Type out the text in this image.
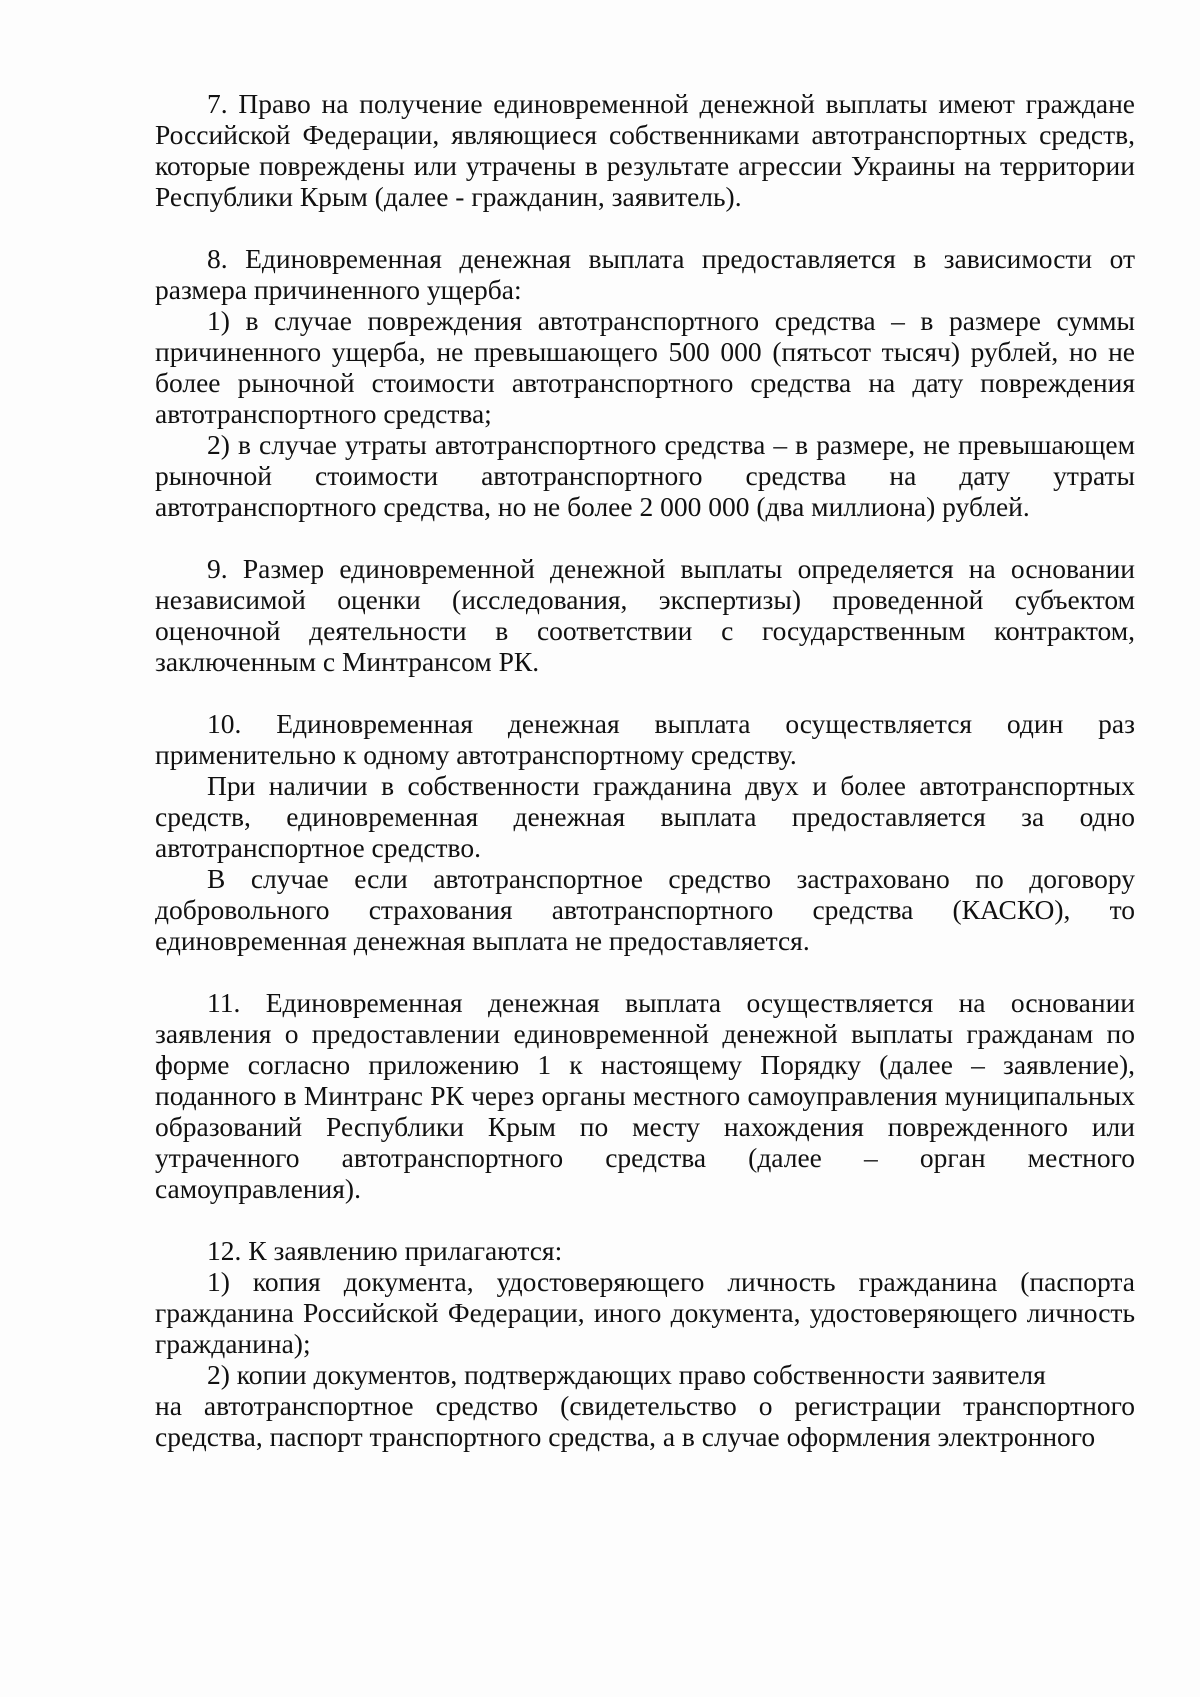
7. Право на получение единовременной денежной выплаты имеют граждане Российской Федерации, являющиеся собственниками автотранспортных средств, которые повреждены или утрачены в результате агрессии Украины на территории Республики Крым (далее - гражданин, заявитель).

8. Единовременная денежная выплата предоставляется в зависимости от размера причиненного ущерба:

1) в случае повреждения автотранспортного средства – в размере суммы причиненного ущерба, не превышающего 500 000 (пятьсот тысяч) рублей, но не более рыночной стоимости автотранспортного средства на дату повреждения автотранспортного средства;

2) в случае утраты автотранспортного средства – в размере, не превышающем рыночной стоимости автотранспортного средства на дату утраты автотранспортного средства, но не более 2 000 000 (два миллиона) рублей.

9. Размер единовременной денежной выплаты определяется на основании независимой оценки (исследования, экспертизы) проведенной субъектом оценочной деятельности в соответствии с государственным контрактом, заключенным с Минтрансом РК.

10. Единовременная денежная выплата осуществляется один раз применительно к одному автотранспортному средству.

При наличии в собственности гражданина двух и более автотранспортных средств, единовременная денежная выплата предоставляется за одно автотранспортное средство.

В случае если автотранспортное средство застраховано по договору добровольного страхования автотранспортного средства (КАСКО), то единовременная денежная выплата не предоставляется.

11. Единовременная денежная выплата осуществляется на основании заявления о предоставлении единовременной денежной выплаты гражданам по форме согласно приложению 1 к настоящему Порядку (далее – заявление), поданного в Минтранс РК через органы местного самоуправления муниципальных образований Республики Крым по месту нахождения поврежденного или утраченного автотранспортного средства (далее – орган местного самоуправления).

12. К заявлению прилагаются:

1) копия документа, удостоверяющего личность гражданина (паспорта гражданина Российской Федерации, иного документа, удостоверяющего личность гражданина);

2) копии документов, подтверждающих право собственности заявителя

на автотранспортное средство (свидетельство о регистрации транспортного средства, паспорт транспортного средства, а в случае оформления электронного
